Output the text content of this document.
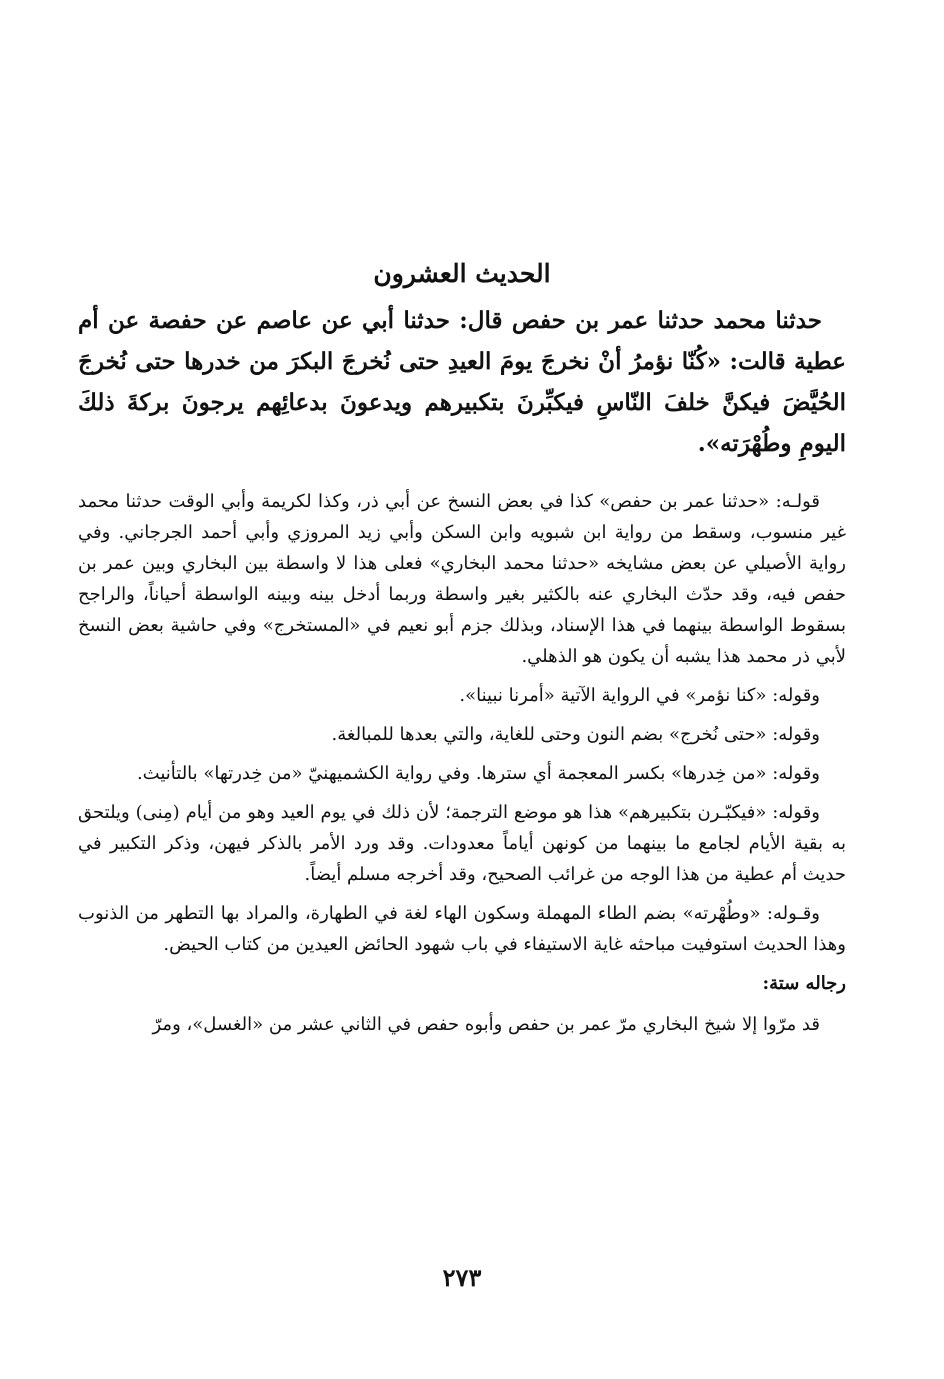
الحديث العشرون
حدثنا محمد حدثنا عمر بن حفص قال: حدثنا أبي عن عاصم عن حفصة عن أم عطية قالت: «كُنّا نؤمرُ أنْ نخرجَ يومَ العيدِ حتى نُخرجَ البكرَ من خدرها حتى نُخرجَ الحُيَّضَ فيكنَّ خلفَ النّاسِ فيكبِّرنَ بتكبيرهم ويدعونَ بدعائِهم يرجونَ بركةَ ذلكَ اليومِ وطُهْرَته».

قولـه: «حدثنا عمر بن حفص» كذا في بعض النسخ عن أبي ذر، وكذا لكريمة وأبي الوقت حدثنا محمد غير منسوب، وسقط من رواية ابن شبويه وابن السكن وأبي زيد المروزي وأبي أحمد الجرجاني. وفي رواية الأصيلي عن بعض مشايخه «حدثنا محمد البخاري» فعلى هذا لا واسطة بين البخاري وبين عمر بن حفص فيه، وقد حدّث البخاري عنه بالكثير بغير واسطة وربما أدخل بينه وبينه الواسطة أحياناً، والراجح بسقوط الواسطة بينهما في هذا الإسناد، وبذلك جزم أبو نعيم في «المستخرج» وفي حاشية بعض النسخ لأبي ذر محمد هذا يشبه أن يكون هو الذهلي.

وقوله: «كنا نؤمر» في الرواية الآتية «أمرنا نبينا».

وقوله: «حتى نُخرج» بضم النون وحتى للغاية، والتي بعدها للمبالغة.

وقوله: «من خِدرها» بكسر المعجمة أي سترها. وفي رواية الكشميهنيّ «من خِدرتها» بالتأنيث.

وقوله: «فيكبّـرن بتكبيرهم» هذا هو موضع الترجمة؛ لأن ذلك في يوم العيد وهو من أيام (مِنى) ويلتحق به بقية الأيام لجامع ما بينهما من كونهن أياماً معدودات. وقد ورد الأمر بالذكر فيهن، وذكر التكبير في حديث أم عطية من هذا الوجه من غرائب الصحيح، وقد أخرجه مسلم أيضاً.

وقـوله: «وطُهْرته» بضم الطاء المهملة وسكون الهاء لغة في الطهارة، والمراد بها التطهر من الذنوب وهذا الحديث استوفيت مباحثه غاية الاستيفاء في باب شهود الحائض العيدين من كتاب الحيض.

رجاله ستة:

قد مرّوا إلا شيخ البخاري مرّ عمر بن حفص وأبوه حفص في الثاني عشر من «الغسل»، ومرّ

٢٧٣
